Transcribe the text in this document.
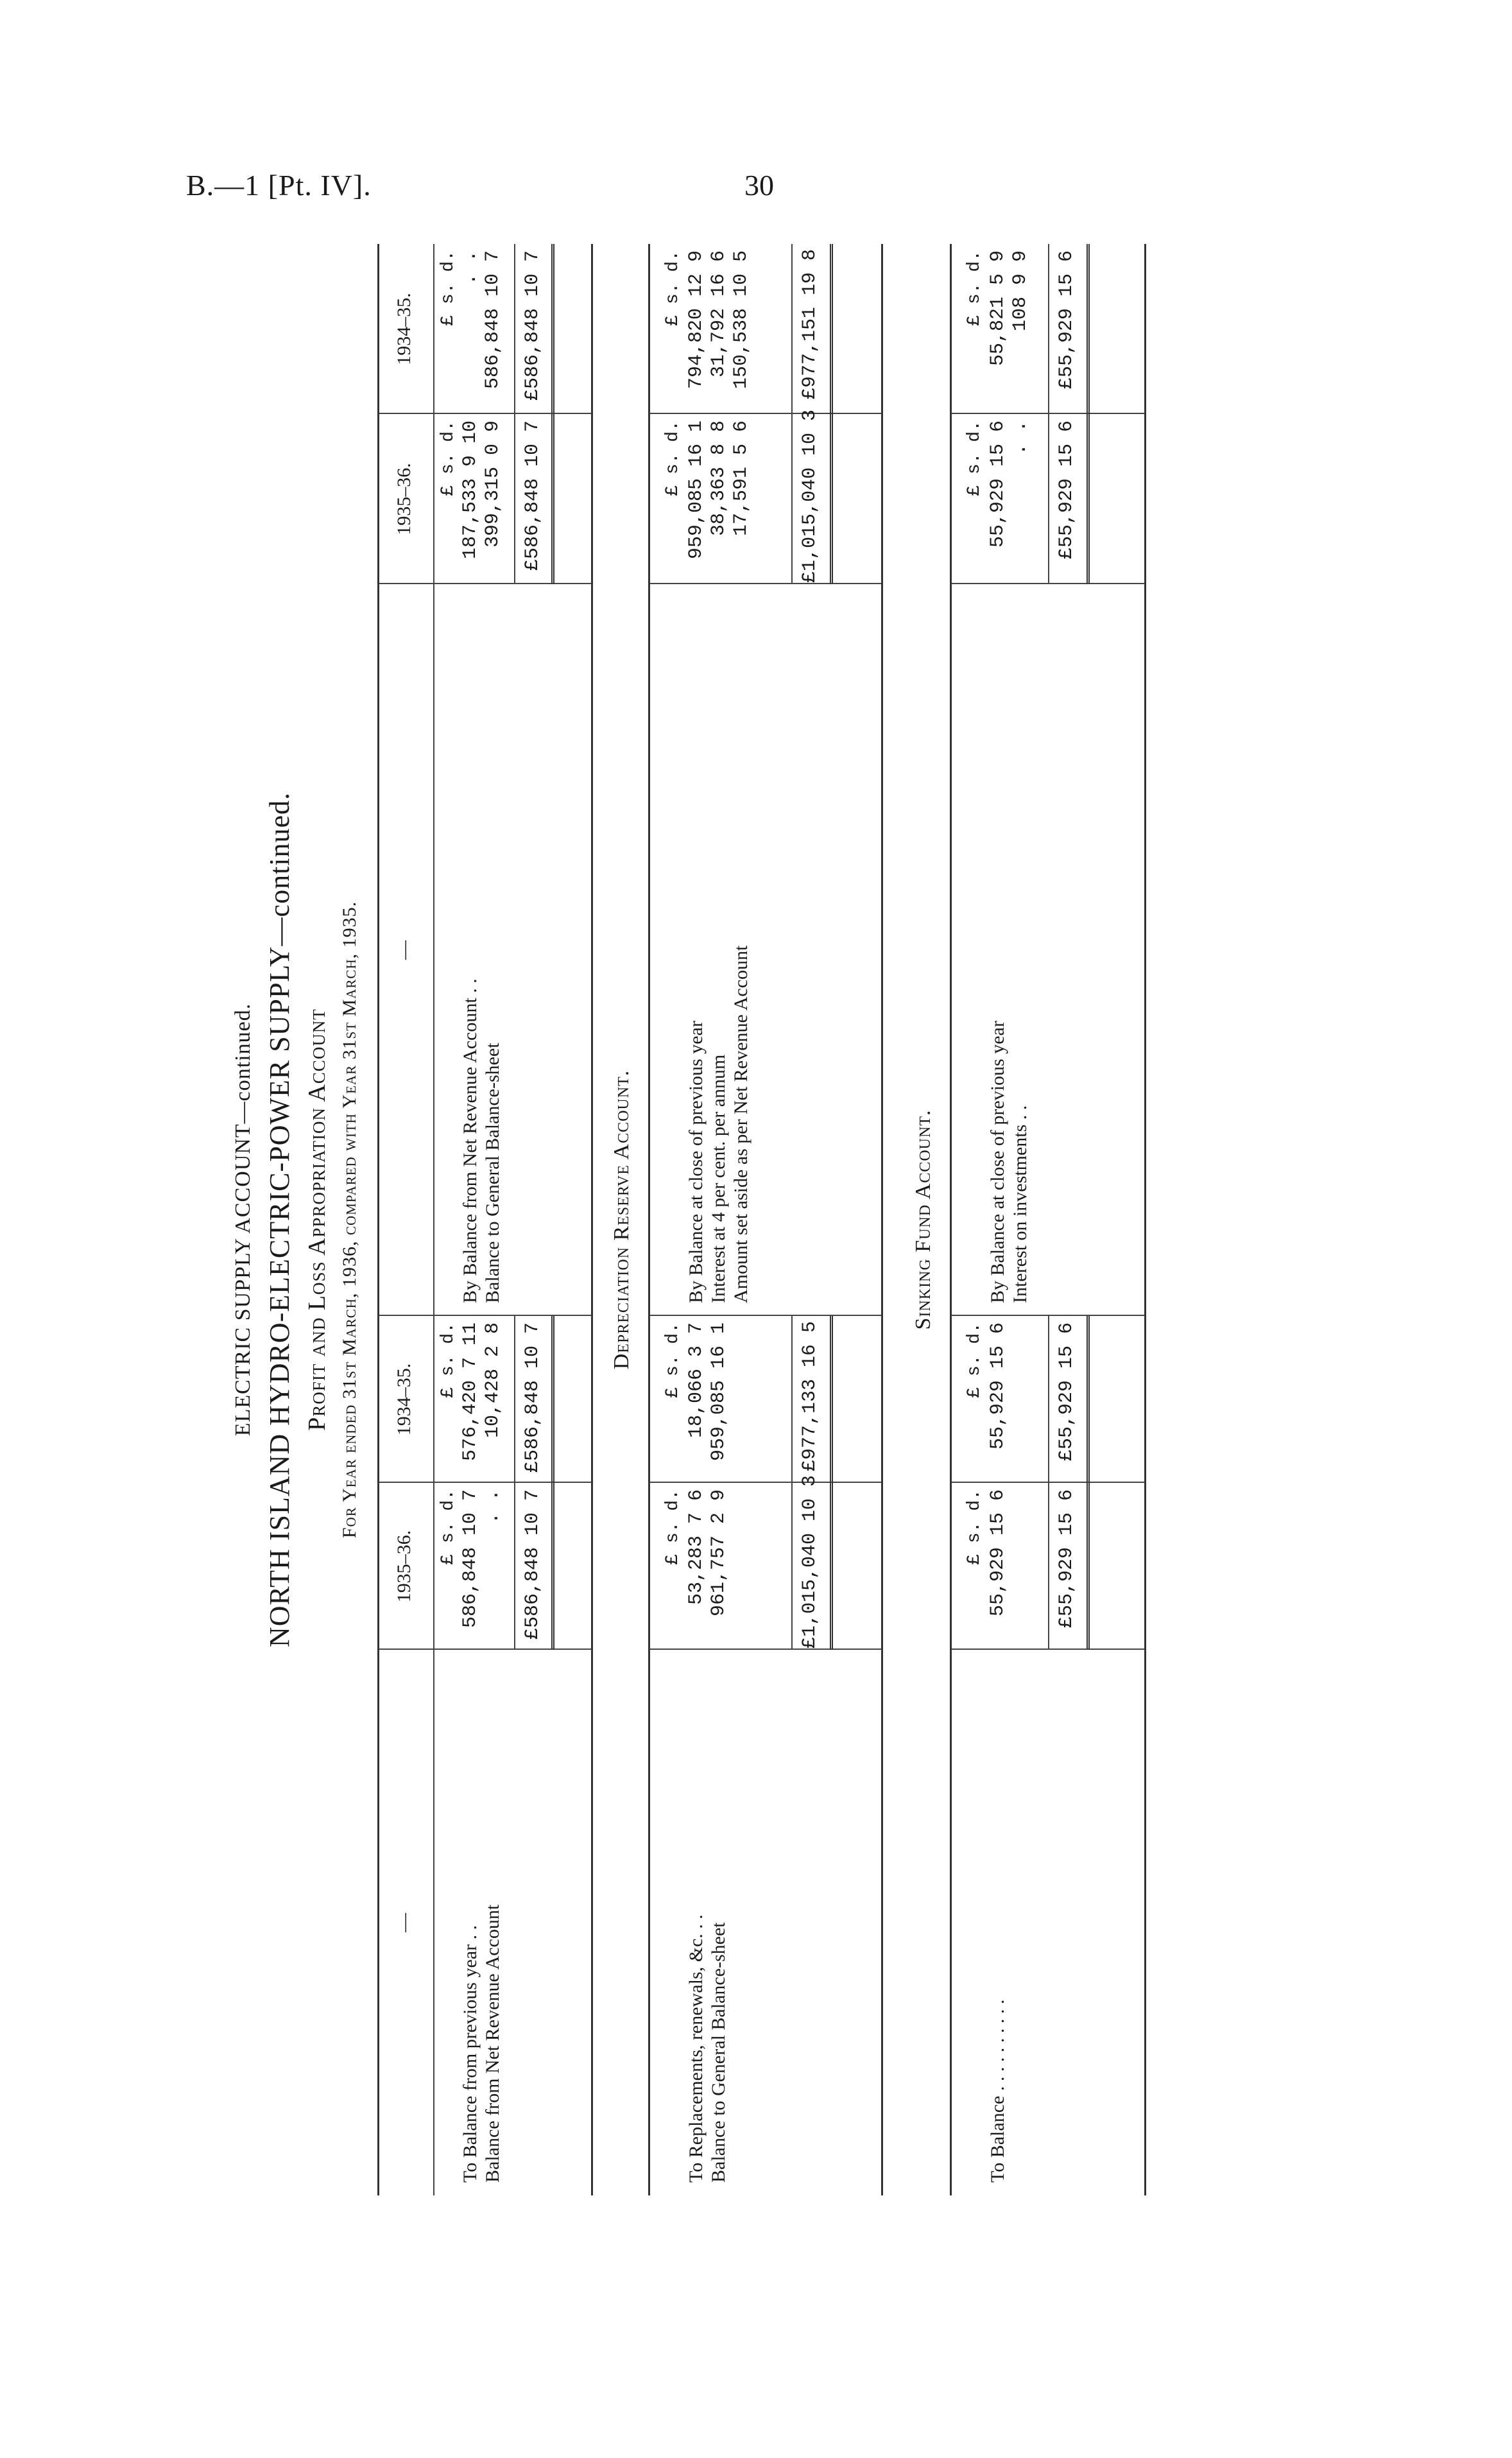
B.—1 [Pt. IV].	30
ELECTRIC SUPPLY ACCOUNT—continued. NORTH ISLAND HYDRO-ELECTRIC-POWER SUPPLY—continued. Profit and Loss Appropriation Account For Year ended 31st March, 1936, compared with Year 31st March, 1935.
—
1935–36.
1934–35.
—
1935–36.
1934–35.
£ s. d.
£ s. d.
£ s. d.
£ s. d.
To Balance from previous year . .
586,848 10 7
576,420 7 11
Balance from Net Revenue Account
. .
10,428 2 8
By Balance from Net Revenue Account . .
187,533 9 10
. .
Balance to General Balance-sheet
399,315 0 9
586,848 10 7
£586,848 10 7
£586,848 10 7
£586,848 10 7
£586,848 10 7
Depreciation Reserve Account.
£ s. d.
£ s. d.
£ s. d.
£ s. d.
To Replacements, renewals, &c. . .
53,283 7 6
18,066 3 7
Balance to General Balance-sheet
961,757 2 9
959,085 16 1
By Balance at close of previous year
959,085 16 1
794,820 12 9
Interest at 4 per cent. per annum
38,363 8 8
31,792 16 6
Amount set aside as per Net Revenue Account
17,591 5 6
150,538 10 5
£1,015,040 10 3
£977,133 16 5
£1,015,040 10 3
£977,151 19 8
Sinking Fund Account.
£ s. d.
£ s. d.
£ s. d.
£ s. d.
To Balance . . . . . . . . . .
55,929 15 6
55,929 15 6
By Balance at close of previous year
55,929 15 6
55,821 5 9
Interest on investments . .
. .
108 9 9
£55,929 15 6
£55,929 15 6
£55,929 15 6
£55,929 15 6
